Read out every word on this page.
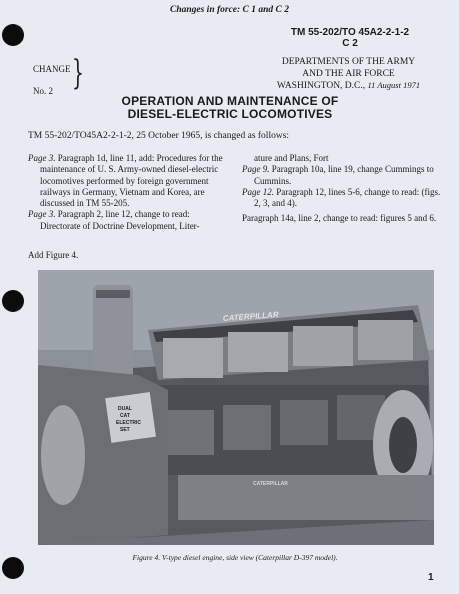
Changes in force: C 1 and C 2
TM 55-202/TO 45A2-2-1-2
C 2
CHANGE
No. 2 }	DEPARTMENTS OF THE ARMY
AND THE AIR FORCE
WASHINGTON, D.C., 11 August 1971
OPERATION AND MAINTENANCE OF
DIESEL-ELECTRIC LOCOMOTIVES
TM 55-202/TO45A2-2-1-2, 25 October 1965, is changed as follows:

Page 3. Paragraph 1d, line 11, add: Procedures for the maintenance of U. S. Army-owned diesel-electric locomotives performed by foreign government railways in Germany, Vietnam and Korea, are discussed in TM 55-205.

Page 3. Paragraph 2, line 12, change to read: Directorate of Doctrine Development, Liter-

ature and Plans, Fort

Page 9. Paragraph 10a, line 19, change Cummings to Cummins.

Page 12. Paragraph 12, lines 5-6, change to read: (figs. 2, 3, and 4).

Paragraph 14a, line 2, change to read: figures 5 and 6.

Add Figure 4.
CATERPILLAR
DUAL
CAT
ELECTRIC
SET
CATERPILLAR
Figure 4. V-type diesel engine, side view (Caterpillar D-397 model).
1
